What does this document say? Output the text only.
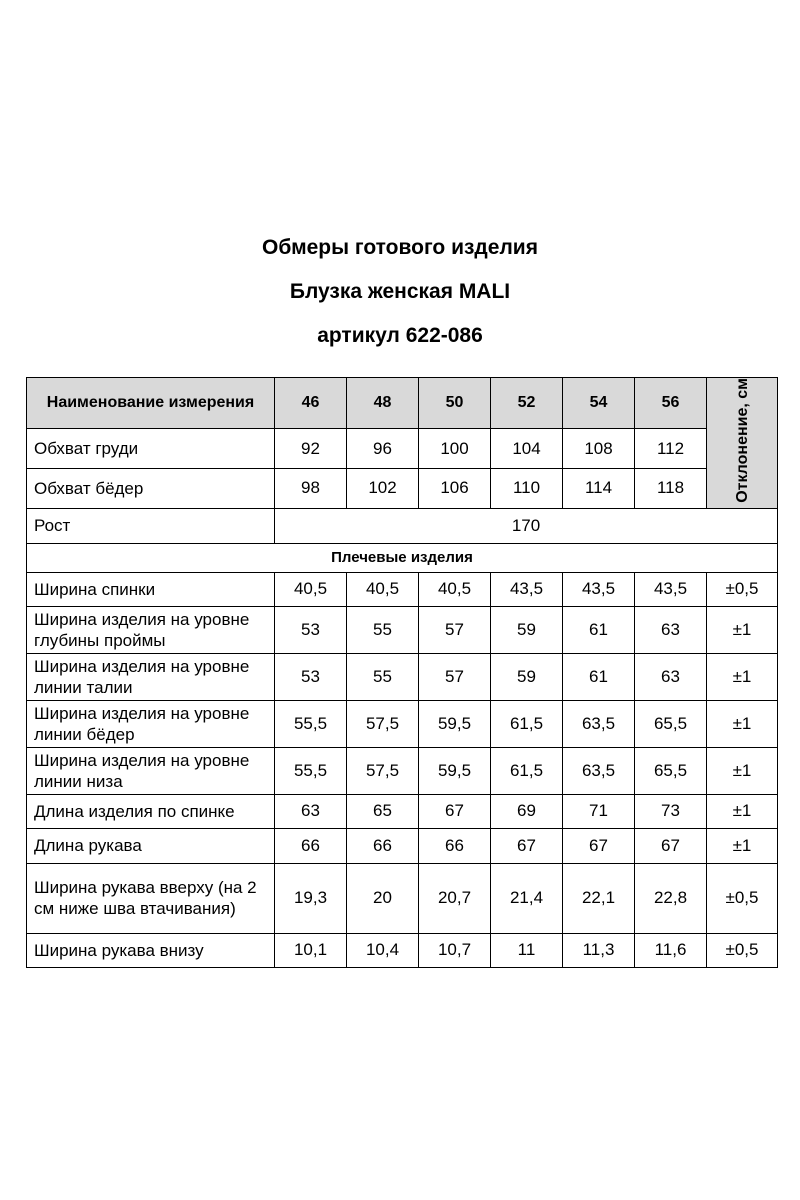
Обмеры готового изделия
Блузка женская MALI
артикул 622-086
Наименование измерения	46	48	50	52	54	56	Отклонение, см
Обхват груди	92	96	100	104	108	112	
Обхват бёдер	98	102	106	110	114	118	
Рост	170						
Плечевые изделия							
Ширина спинки	40,5	40,5	40,5	43,5	43,5	43,5	±0,5
Ширина изделия на уровне глубины проймы	53	55	57	59	61	63	±1
Ширина изделия на уровне линии талии	53	55	57	59	61	63	±1
Ширина изделия на уровне линии бёдер	55,5	57,5	59,5	61,5	63,5	65,5	±1
Ширина изделия на уровне линии низа	55,5	57,5	59,5	61,5	63,5	65,5	±1
Длина изделия по спинке	63	65	67	69	71	73	±1
Длина рукава	66	66	66	67	67	67	±1
Ширина рукава вверху (на 2 см ниже шва втачивания)	19,3	20	20,7	21,4	22,1	22,8	±0,5
Ширина рукава внизу	10,1	10,4	10,7	11	11,3	11,6	±0,5
